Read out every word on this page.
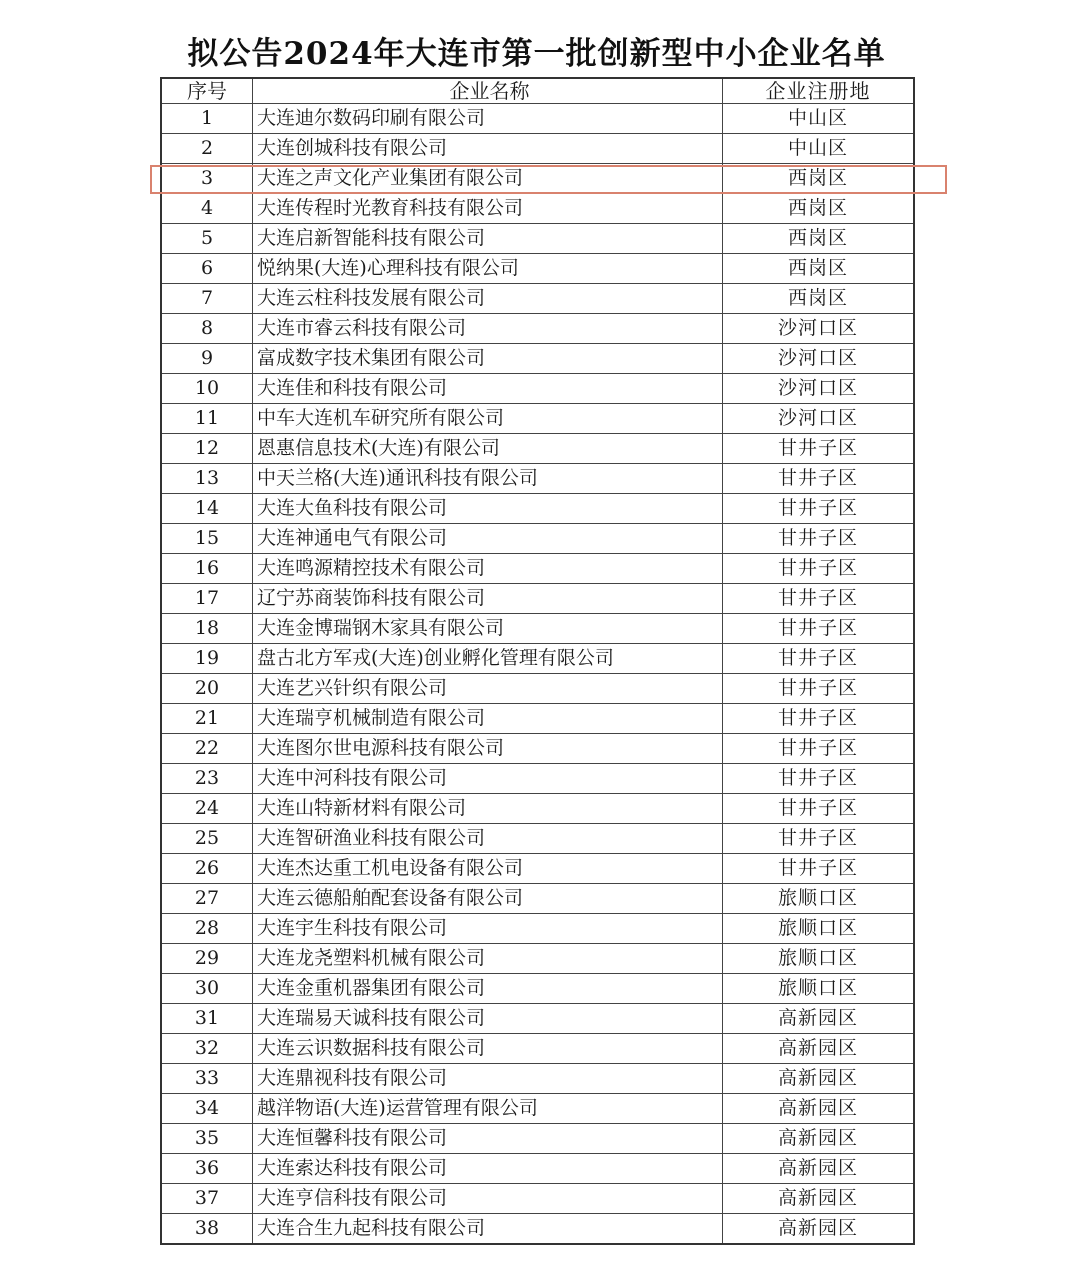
拟公告2024年大连市第一批创新型中小企业名单
序号	企业名称	企业注册地
1	大连迪尔数码印刷有限公司	中山区
2	大连创城科技有限公司	中山区
3	大连之声文化产业集团有限公司	西岗区
4	大连传程时光教育科技有限公司	西岗区
5	大连启新智能科技有限公司	西岗区
6	悦纳果(大连)心理科技有限公司	西岗区
7	大连云柱科技发展有限公司	西岗区
8	大连市睿云科技有限公司	沙河口区
9	富成数字技术集团有限公司	沙河口区
10	大连佳和科技有限公司	沙河口区
11	中车大连机车研究所有限公司	沙河口区
12	恩惠信息技术(大连)有限公司	甘井子区
13	中天兰格(大连)通讯科技有限公司	甘井子区
14	大连大鱼科技有限公司	甘井子区
15	大连神通电气有限公司	甘井子区
16	大连鸣源精控技术有限公司	甘井子区
17	辽宁苏商装饰科技有限公司	甘井子区
18	大连金博瑞钢木家具有限公司	甘井子区
19	盘古北方军戎(大连)创业孵化管理有限公司	甘井子区
20	大连艺兴针织有限公司	甘井子区
21	大连瑞亨机械制造有限公司	甘井子区
22	大连图尔世电源科技有限公司	甘井子区
23	大连中河科技有限公司	甘井子区
24	大连山特新材料有限公司	甘井子区
25	大连智研渔业科技有限公司	甘井子区
26	大连杰达重工机电设备有限公司	甘井子区
27	大连云德船舶配套设备有限公司	旅顺口区
28	大连宇生科技有限公司	旅顺口区
29	大连龙尧塑料机械有限公司	旅顺口区
30	大连金重机器集团有限公司	旅顺口区
31	大连瑞易天诚科技有限公司	高新园区
32	大连云识数据科技有限公司	高新园区
33	大连鼎视科技有限公司	高新园区
34	越洋物语(大连)运营管理有限公司	高新园区
35	大连恒馨科技有限公司	高新园区
36	大连索达科技有限公司	高新园区
37	大连亨信科技有限公司	高新园区
38	大连合生九起科技有限公司	高新园区
